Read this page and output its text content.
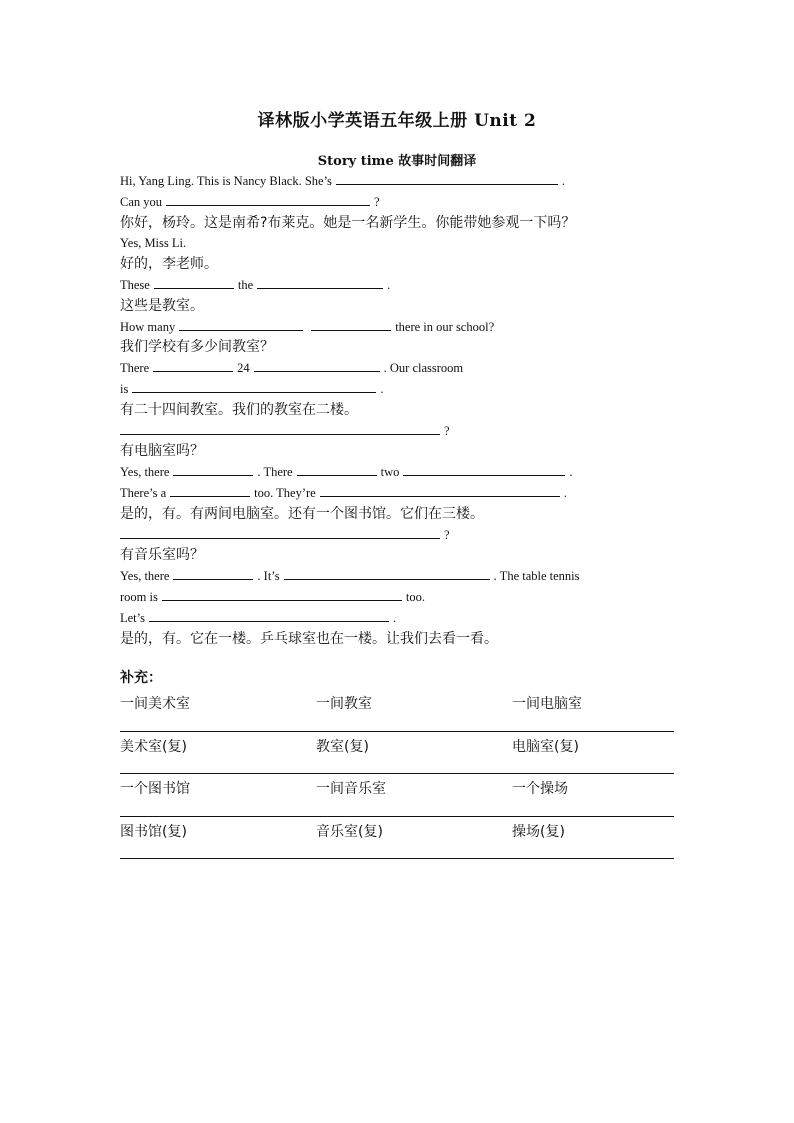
译林版小学英语五年级上册 Unit 2
Story time 故事时间翻译
Hi, Yang Ling. This is Nancy Black. She’s	.
Can you	?
你好，杨玲。这是南希?布莱克。她是一名新学生。你能带她参观一下吗？
Yes, Miss Li.
好的，李老师。
These	the	.
这些是教室。
How many	there in our school?
我们学校有多少间教室？
There	24	. Our classroom
is	.
有二十四间教室。我们的教室在二楼。
?
有电脑室吗？
Yes, there	. There	two	.
There’s a	too. They’re	.
是的，有。有两间电脑室。还有一个图书馆。它们在三楼。
?
有音乐室吗？
Yes, there	. It’s	. The table tennis
room is	too.
Let’s	.
是的，有。它在一楼。乒乓球室也在一楼。让我们去看一看。
补充：
一间美术室	一间教室	一间电脑室
美术室(复)	教室(复)	电脑室(复)
一个图书馆	一间音乐室	一个操场
图书馆(复)	音乐室(复)	操场(复)
